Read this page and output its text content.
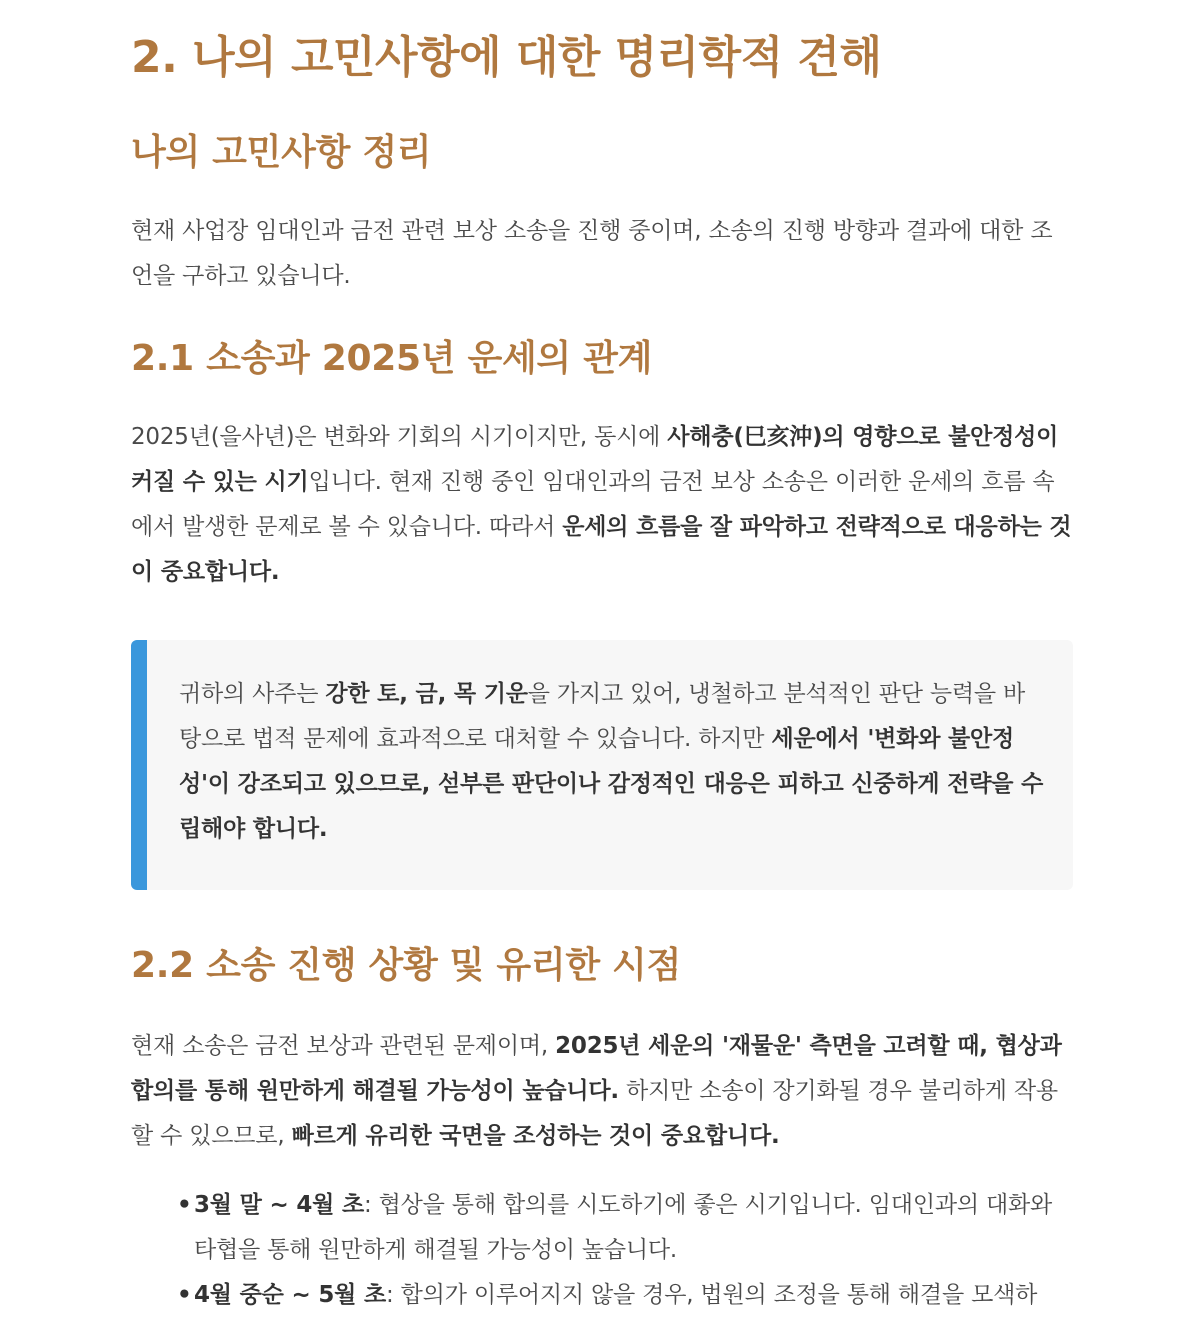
2. 나의 고민사항에 대한 명리학적 견해
나의 고민사항 정리

현재 사업장 임대인과 금전 관련 보상 소송을 진행 중이며, 소송의 진행 방향과 결과에 대한 조언을 구하고 있습니다.

2.1 소송과 2025년 운세의 관계

2025년(을사년)은 변화와 기회의 시기이지만, 동시에 사해충(巳亥沖)의 영향으로 불안정성이 커질 수 있는 시기입니다. 현재 진행 중인 임대인과의 금전 보상 소송은 이러한 운세의 흐름 속에서 발생한 문제로 볼 수 있습니다. 따라서 운세의 흐름을 잘 파악하고 전략적으로 대응하는 것이 중요합니다.

귀하의 사주는 강한 토, 금, 목 기운을 가지고 있어, 냉철하고 분석적인 판단 능력을 바탕으로 법적 문제에 효과적으로 대처할 수 있습니다. 하지만 세운에서 '변화와 불안정성'이 강조되고 있으므로, 섣부른 판단이나 감정적인 대응은 피하고 신중하게 전략을 수립해야 합니다.

2.2 소송 진행 상황 및 유리한 시점

현재 소송은 금전 보상과 관련된 문제이며, 2025년 세운의 '재물운' 측면을 고려할 때, 협상과 합의를 통해 원만하게 해결될 가능성이 높습니다. 하지만 소송이 장기화될 경우 불리하게 작용할 수 있으므로, 빠르게 유리한 국면을 조성하는 것이 중요합니다.

• 3월 말 ~ 4월 초: 협상을 통해 합의를 시도하기에 좋은 시기입니다. 임대인과의 대화와 타협을 통해 원만하게 해결될 가능성이 높습니다.
• 4월 중순 ~ 5월 초: 합의가 이루어지지 않을 경우, 법원의 조정을 통해 해결을 모색하
